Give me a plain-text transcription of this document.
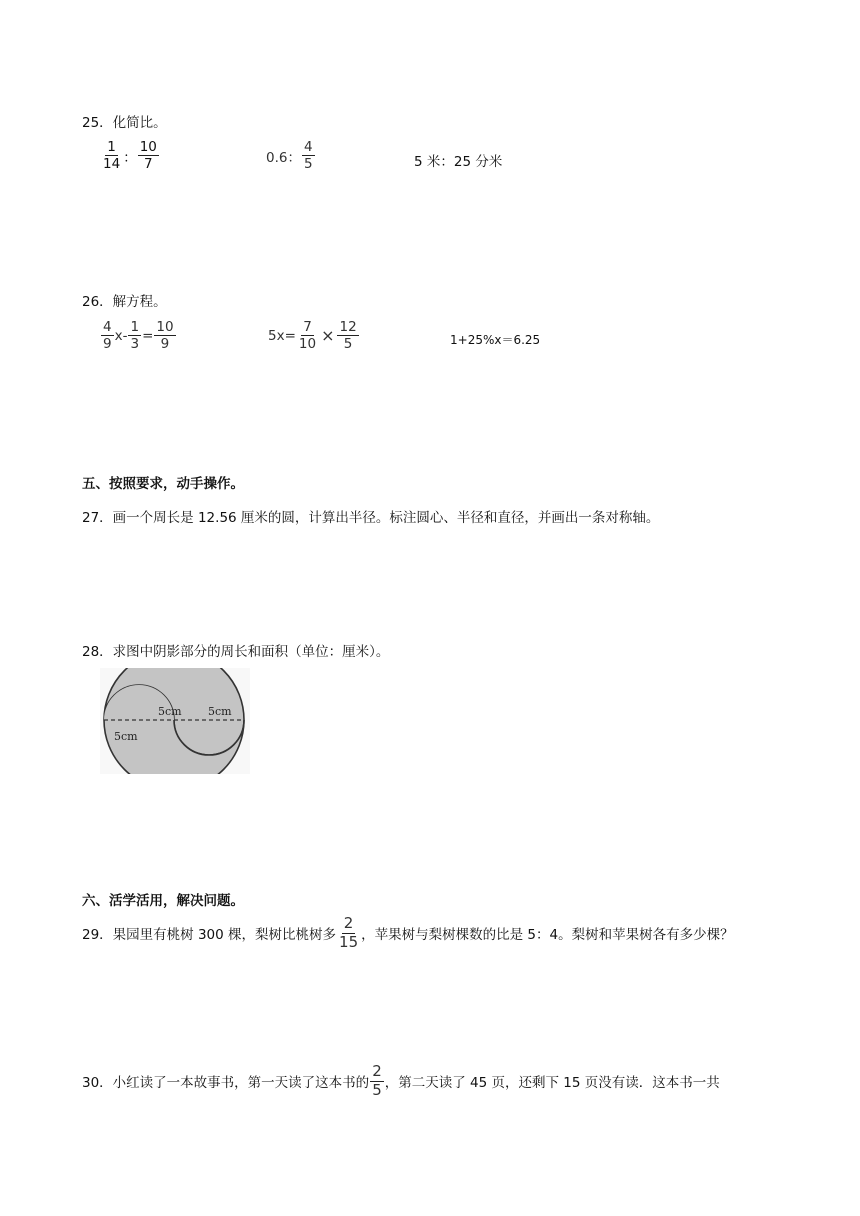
25．化简比。
$\frac{1}{14}$ ： $\frac{10}{7}$	0.6： $\frac{4}{5}$	5 米：25 分米
26．解方程。
$\frac{4}{9}$ $x - \frac{1}{3} = \frac{10}{9}$	$5x= \frac{7}{10} \times \frac{12}{5}$	1+25%x＝6.25
五、按照要求，动手操作。
27．画一个周长是 12.56 厘米的圆，计算出半径。标注圆心、半径和直径，并画出一条对称轴。
28．求图中阴影部分的周长和面积（单位：厘米）。
5cm 5cm
5cm
六、活学活用，解决问题。
29．果园里有桃树 300 棵，梨树比桃树多 $\frac{2}{15}$ ，苹果树与梨树棵数的比是 5：4。梨树和苹果树各有多少棵？
30．小红读了一本故事书，第一天读了这本书的 $\frac{2}{5}$ ，第二天读了 45 页，还剩下 15 页没有读．这本书一共
